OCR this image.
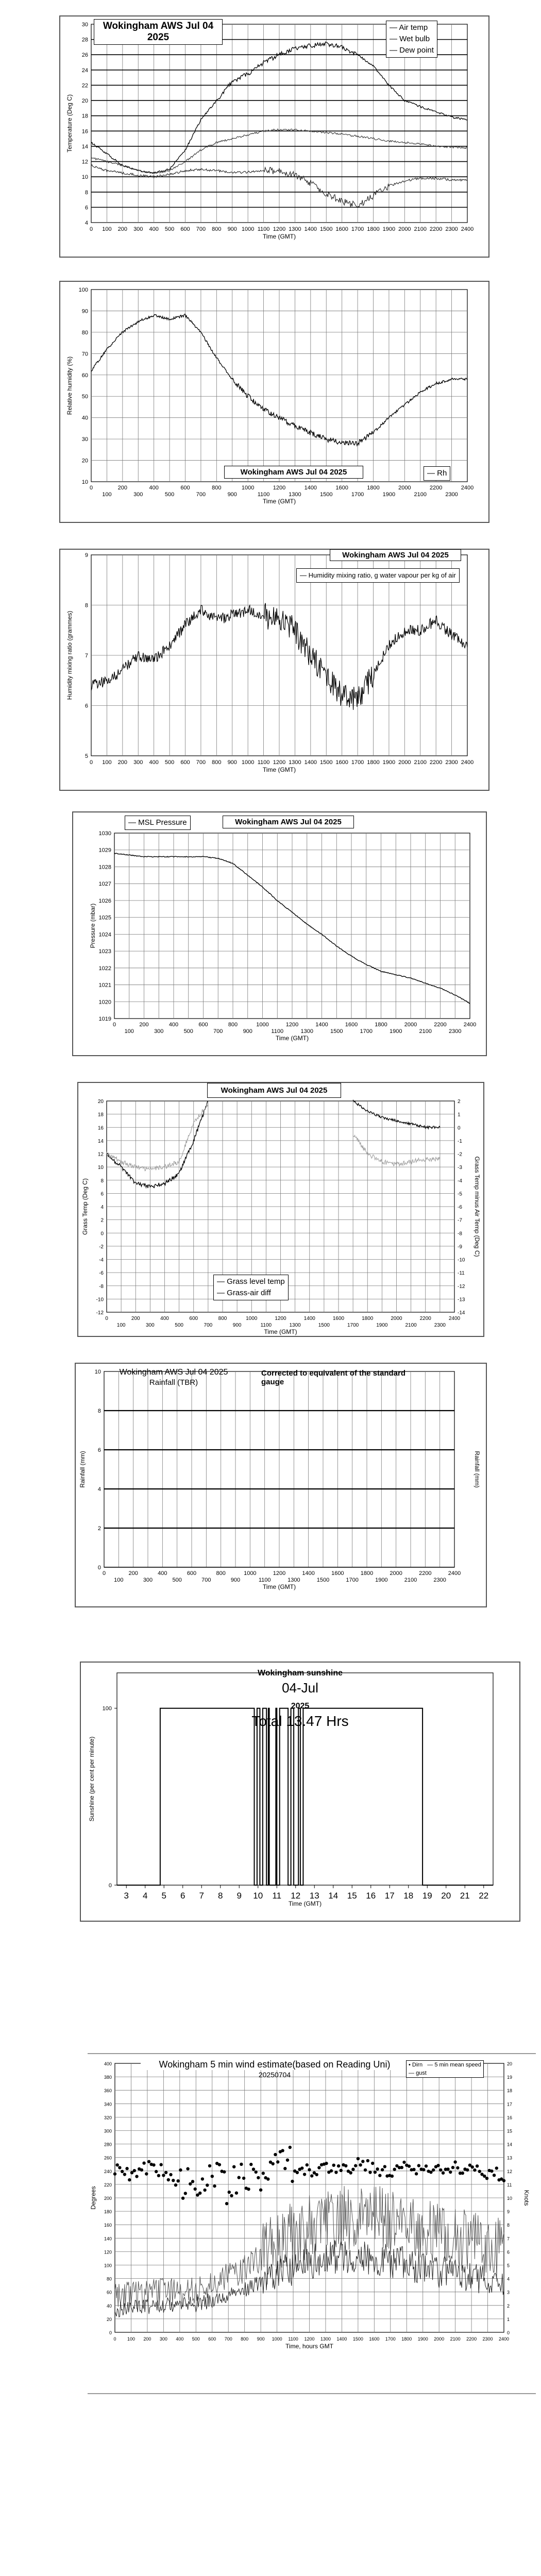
4
6
8
10
12
14
16
18
20
22
24
26
28
30
0 100 200 300 400 500 600 700 800 900 1000 1100 1200 1300 1400 1500 1600 1700 1800 1900 2000 2100 2200 2300 2400
Time (GMT)
Temperature (Deg C)
Wokingham AWS Jul 04 2025
— Air temp
— Wet bulb
— Dew point
10
20
30
40
50
60
70
80
90
100
0	200	400	600	800	1000	1200	1400	1600	1800	2000	2200	2400
100	300	500	700	900	1100	1300	1500	1700	1900	2100	2300
Time (GMT)
Relative humidity (%)
Wokingham AWS Jul 04 2025	— Rh
5
6
7
8
9
0 100 200 300 400 500 600 700 800 900 1000 1100 1200 1300 1400 1500 1600 1700 1800 1900 2000 2100 2200 2300 2400
Time (GMT)
Humidity mixing ratio (grammes)
Wokingham AWS Jul 04 2025
— Humidity mixing ratio, g water vapour per kg of air
1019
1020
1021
1022
1023
1024
1025
1026
1027
1028
1029
1030
0	200	400	600	800	1000	1200	1400	1600	1800	2000	2200	2400
100	300	500	700	900	1100	1300	1500	1700	1900	2100	2300
Time (GMT)
Pressure (mbar)
— MSL Pressure	Wokingham AWS Jul 04 2025
-12
-10
-8
-6
-4
-2
0
2
4
6
8
10
12
14
16
18
20
-14
-13
-12
-11
-10
-9
-8
-7
-6
-5
-4
-3
-2
-1
0
1
2
0	200	400	600	800	1000	1200	1400	1600	1800	2000	2200	2400
100	300	500	700	900	1100	1300	1500	1700	1900	2100	2300
Time (GMT)
Grass Temp (Deg C)	Grass Temp minus Air Temp (Deg C)
Wokingham AWS Jul 04 2025
— Grass level temp
— Grass-air diff
0
2
4
6
8
10
0	200	400	600	800	1000	1200	1400	1600	1800	2000	2200	2400
100	300	500	700	900	1100	1300	1500	1700	1900	2100	2300
Time (GMT)
Rainfall (mm)	Rainfall (mm)
Wokingham AWS Jul 04 2025
Rainfall (TBR)
Corrected to equivalent of the standard gauge
3 4 5 6 7 8 9 10 11 12 13 14 15 16 17 18 19 20 21 22
0
100
Time (GMT)
Sunshine (per cent per minute)
Wokingham sunshine
04-Jul
2025
Total 13.47 Hrs
0
20
40
60
80
100
120
140
160
180
200
220
240
260
280
300
320
340
360
380
400
0
1
2
3
4
5
6
7
8
9
10
11
12
13
14
15
16
17
18
19
20
0 100 200 300 400 500 600 700 800 900 1000 1100 1200 1300 1400 1500 1600 1700 1800 1900 2000 2100 2200 2300 2400
Time, hours GMT
Degrees	Knots
Wokingham 5 min wind estimate(based on Reading Uni)
20250704
• Dirn   — 5 min mean speed
— gust
